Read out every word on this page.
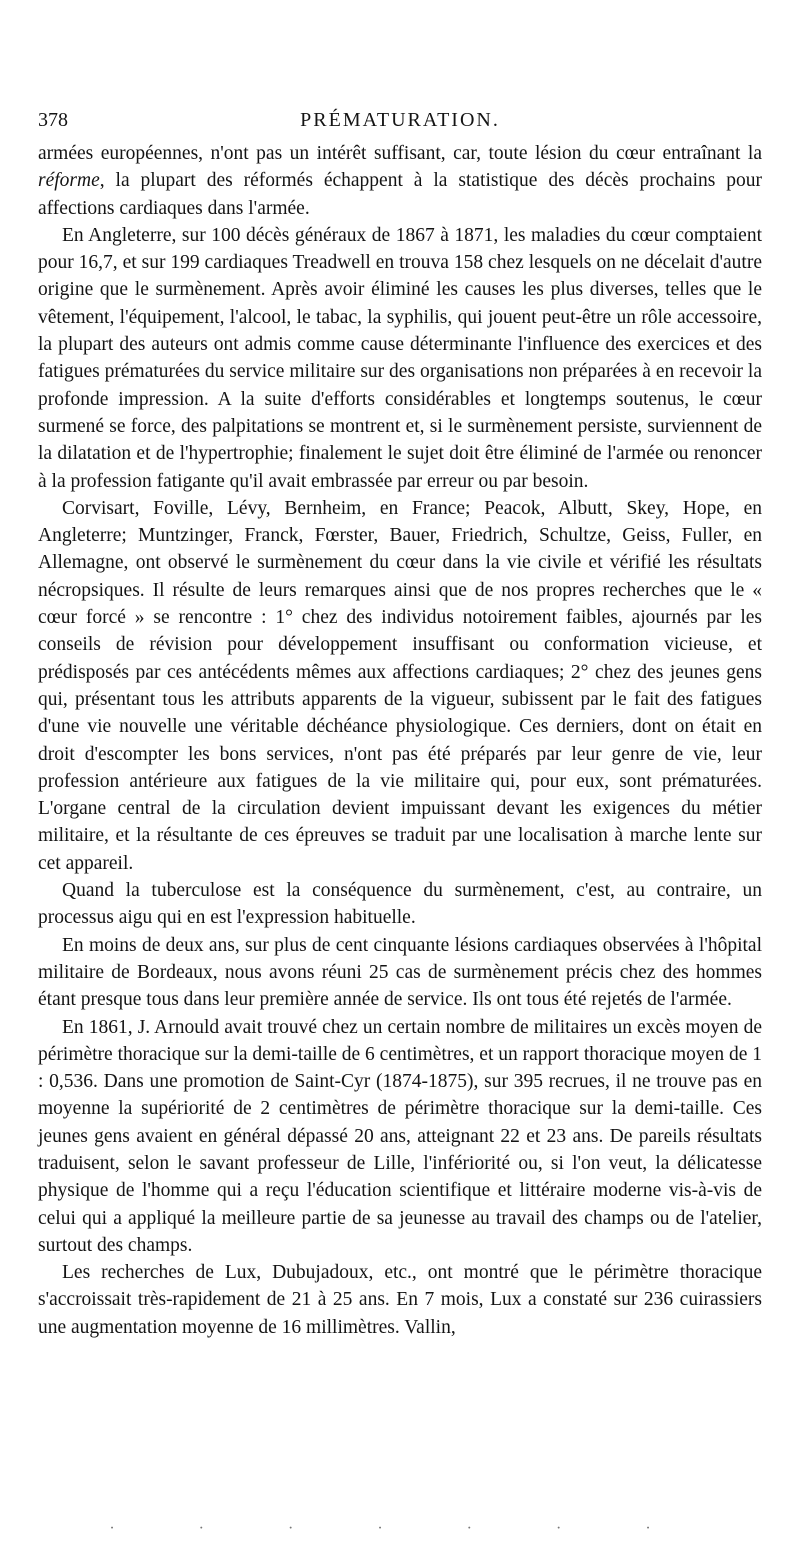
378	PRÉMATURATION.

armées européennes, n'ont pas un intérêt suffisant, car, toute lésion du cœur entraînant la réforme, la plupart des réformés échappent à la statistique des décès prochains pour affections cardiaques dans l'armée.

En Angleterre, sur 100 décès généraux de 1867 à 1871, les maladies du cœur comptaient pour 16,7, et sur 199 cardiaques Treadwell en trouva 158 chez lesquels on ne décelait d'autre origine que le surmènement. Après avoir éliminé les causes les plus diverses, telles que le vêtement, l'équipement, l'alcool, le tabac, la syphilis, qui jouent peut-être un rôle accessoire, la plupart des auteurs ont admis comme cause déterminante l'influence des exercices et des fatigues prématurées du service militaire sur des organisations non préparées à en recevoir la profonde impression. A la suite d'efforts considérables et longtemps soutenus, le cœur surmené se force, des palpitations se montrent et, si le surmènement persiste, surviennent de la dilatation et de l'hypertrophie; finalement le sujet doit être éliminé de l'armée ou renoncer à la profession fatigante qu'il avait embrassée par erreur ou par besoin.

Corvisart, Foville, Lévy, Bernheim, en France; Peacok, Albutt, Skey, Hope, en Angleterre; Muntzinger, Franck, Fœrster, Bauer, Friedrich, Schultze, Geiss, Fuller, en Allemagne, ont observé le surmènement du cœur dans la vie civile et vérifié les résultats nécropsiques. Il résulte de leurs remarques ainsi que de nos propres recherches que le « cœur forcé » se rencontre : 1° chez des individus notoirement faibles, ajournés par les conseils de révision pour développement insuffisant ou conformation vicieuse, et prédisposés par ces antécédents mêmes aux affections cardiaques; 2° chez des jeunes gens qui, présentant tous les attributs apparents de la vigueur, subissent par le fait des fatigues d'une vie nouvelle une véritable déchéance physiologique. Ces derniers, dont on était en droit d'escompter les bons services, n'ont pas été préparés par leur genre de vie, leur profession antérieure aux fatigues de la vie militaire qui, pour eux, sont prématurées. L'organe central de la circulation devient impuissant devant les exigences du métier militaire, et la résultante de ces épreuves se traduit par une localisation à marche lente sur cet appareil.

Quand la tuberculose est la conséquence du surmènement, c'est, au contraire, un processus aigu qui en est l'expression habituelle.

En moins de deux ans, sur plus de cent cinquante lésions cardiaques observées à l'hôpital militaire de Bordeaux, nous avons réuni 25 cas de surmènement précis chez des hommes étant presque tous dans leur première année de service. Ils ont tous été rejetés de l'armée.

En 1861, J. Arnould avait trouvé chez un certain nombre de militaires un excès moyen de périmètre thoracique sur la demi-taille de 6 centimètres, et un rapport thoracique moyen de 1 : 0,536. Dans une promotion de Saint-Cyr (1874-1875), sur 395 recrues, il ne trouve pas en moyenne la supériorité de 2 centimètres de périmètre thoracique sur la demi-taille. Ces jeunes gens avaient en général dépassé 20 ans, atteignant 22 et 23 ans. De pareils résultats traduisent, selon le savant professeur de Lille, l'infériorité ou, si l'on veut, la délicatesse physique de l'homme qui a reçu l'éducation scientifique et littéraire moderne vis-à-vis de celui qui a appliqué la meilleure partie de sa jeunesse au travail des champs ou de l'atelier, surtout des champs.

Les recherches de Lux, Dubujadoux, etc., ont montré que le périmètre thoracique s'accroissait très-rapidement de 21 à 25 ans. En 7 mois, Lux a constaté sur 236 cuirassiers une augmentation moyenne de 16 millimètres. Vallin,

· · · · · · ·
